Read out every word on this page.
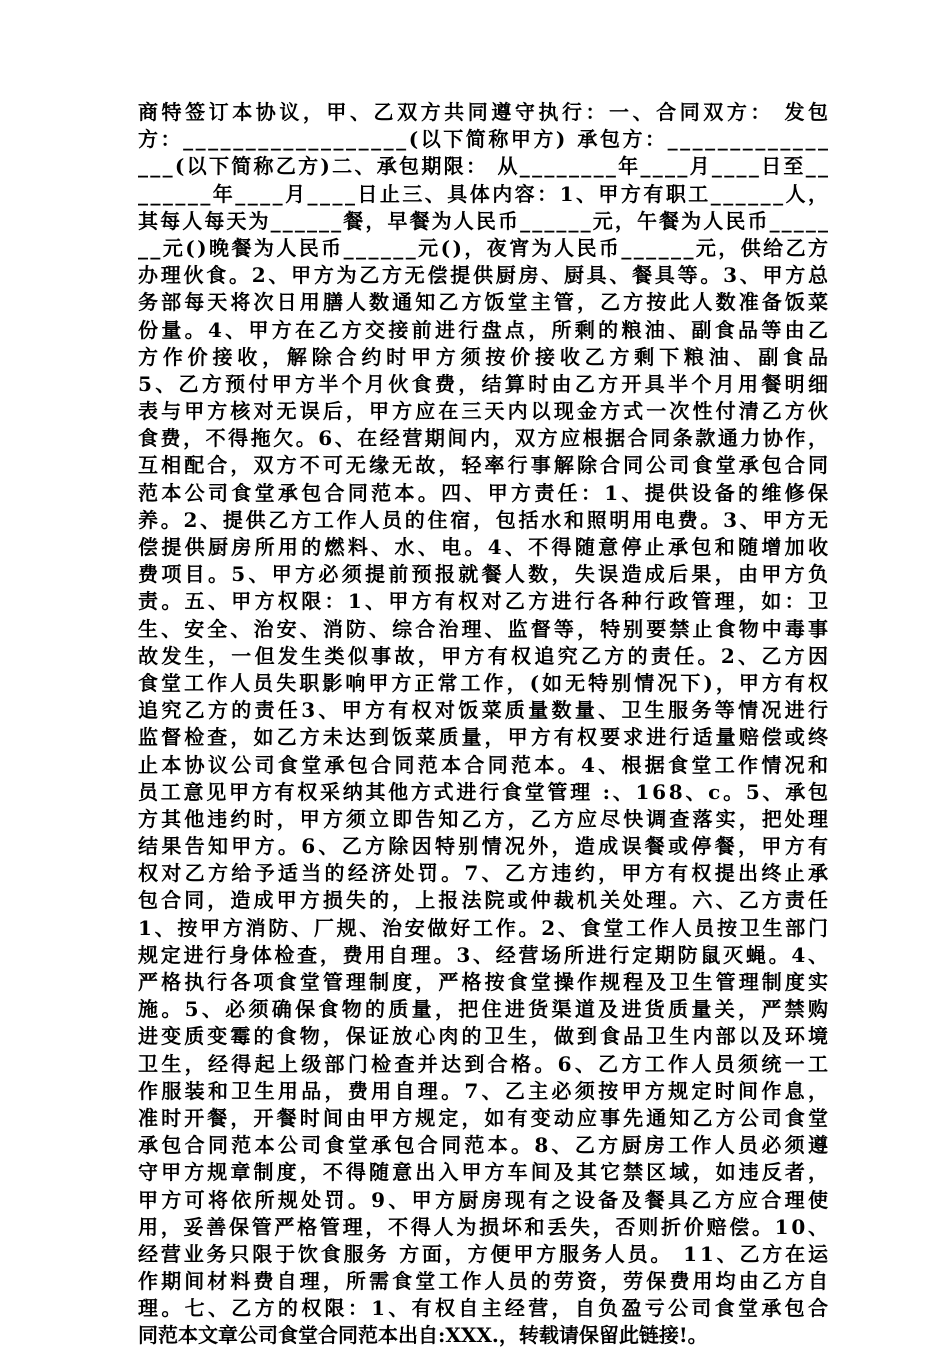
商特签订本协议，甲、乙双方共同遵守执行：一、合同双方： 发包
方：__________________(以下简称甲方) 承包方：_____________
___(以下简称乙方)二、承包期限： 从________年____月____日至__
______年____月____日止三、具体内容：1、甲方有职工______人，
其每人每天为______餐，早餐为人民币______元，午餐为人民币_____
__元()晚餐为人民币______元()，夜宵为人民币______元，供给乙方
办理伙食。2、甲方为乙方无偿提供厨房、厨具、餐具等。3、甲方总
务部每天将次日用膳人数通知乙方饭堂主管，乙方按此人数准备饭菜
份量。4、甲方在乙方交接前进行盘点，所剩的粮油、副食品等由乙
方作价接收，解除合约时甲方须按价接收乙方剩下粮油、副食品
5、乙方预付甲方半个月伙食费，结算时由乙方开具半个月用餐明细
表与甲方核对无误后，甲方应在三天内以现金方式一次性付清乙方伙
食费，不得拖欠。6、在经营期间内，双方应根据合同条款通力协作，
互相配合，双方不可无缘无故，轻率行事解除合同公司食堂承包合同
范本公司食堂承包合同范本。四、甲方责任：1、提供设备的维修保
养。2、提供乙方工作人员的住宿，包括水和照明用电费。3、甲方无
偿提供厨房所用的燃料、水、电。4、不得随意停止承包和随增加收
费项目。5、甲方必须提前预报就餐人数，失误造成后果，由甲方负
责。五、甲方权限：1、甲方有权对乙方进行各种行政管理，如：卫
生、安全、治安、消防、综合治理、监督等，特别要禁止食物中毒事
故发生，一但发生类似事故，甲方有权追究乙方的责任。2、乙方因
食堂工作人员失职影响甲方正常工作，(如无特别情况下)，甲方有权
追究乙方的责任3、甲方有权对饭菜质量数量、卫生服务等情况进行
监督检查，如乙方未达到饭菜质量，甲方有权要求进行适量赔偿或终
止本协议公司食堂承包合同范本合同范本。4、根据食堂工作情况和
员工意见甲方有权采纳其他方式进行食堂管理 :、168、c。5、承包
方其他违约时，甲方须立即告知乙方，乙方应尽快调查落实，把处理
结果告知甲方。6、乙方除因特别情况外，造成误餐或停餐，甲方有
权对乙方给予适当的经济处罚。7、乙方违约，甲方有权提出终止承
包合同，造成甲方损失的，上报法院或仲裁机关处理。六、乙方责任
1、按甲方消防、厂规、治安做好工作。2、食堂工作人员按卫生部门
规定进行身体检查，费用自理。3、经营场所进行定期防鼠灭蝇。4、
严格执行各项食堂管理制度，严格按食堂操作规程及卫生管理制度实
施。5、必须确保食物的质量，把住进货渠道及进货质量关，严禁购
进变质变霉的食物，保证放心肉的卫生，做到食品卫生内部以及环境
卫生，经得起上级部门检查并达到合格。6、乙方工作人员须统一工
作服装和卫生用品，费用自理。7、乙主必须按甲方规定时间作息，
准时开餐，开餐时间由甲方规定，如有变动应事先通知乙方公司食堂
承包合同范本公司食堂承包合同范本。8、乙方厨房工作人员必须遵
守甲方规章制度，不得随意出入甲方车间及其它禁区域，如违反者，
甲方可将依所规处罚。9、甲方厨房现有之设备及餐具乙方应合理使
用，妥善保管严格管理，不得人为损坏和丢失，否则折价赔偿。10、
经营业务只限于饮食服务 方面，方便甲方服务人员。 11、乙方在运
作期间材料费自理，所需食堂工作人员的劳资，劳保费用均由乙方自
理。七、乙方的权限：1、有权自主经营，自负盈亏公司食堂承包合
同范本文章公司食堂合同范本出自:XXX.，转载请保留此链接!。
